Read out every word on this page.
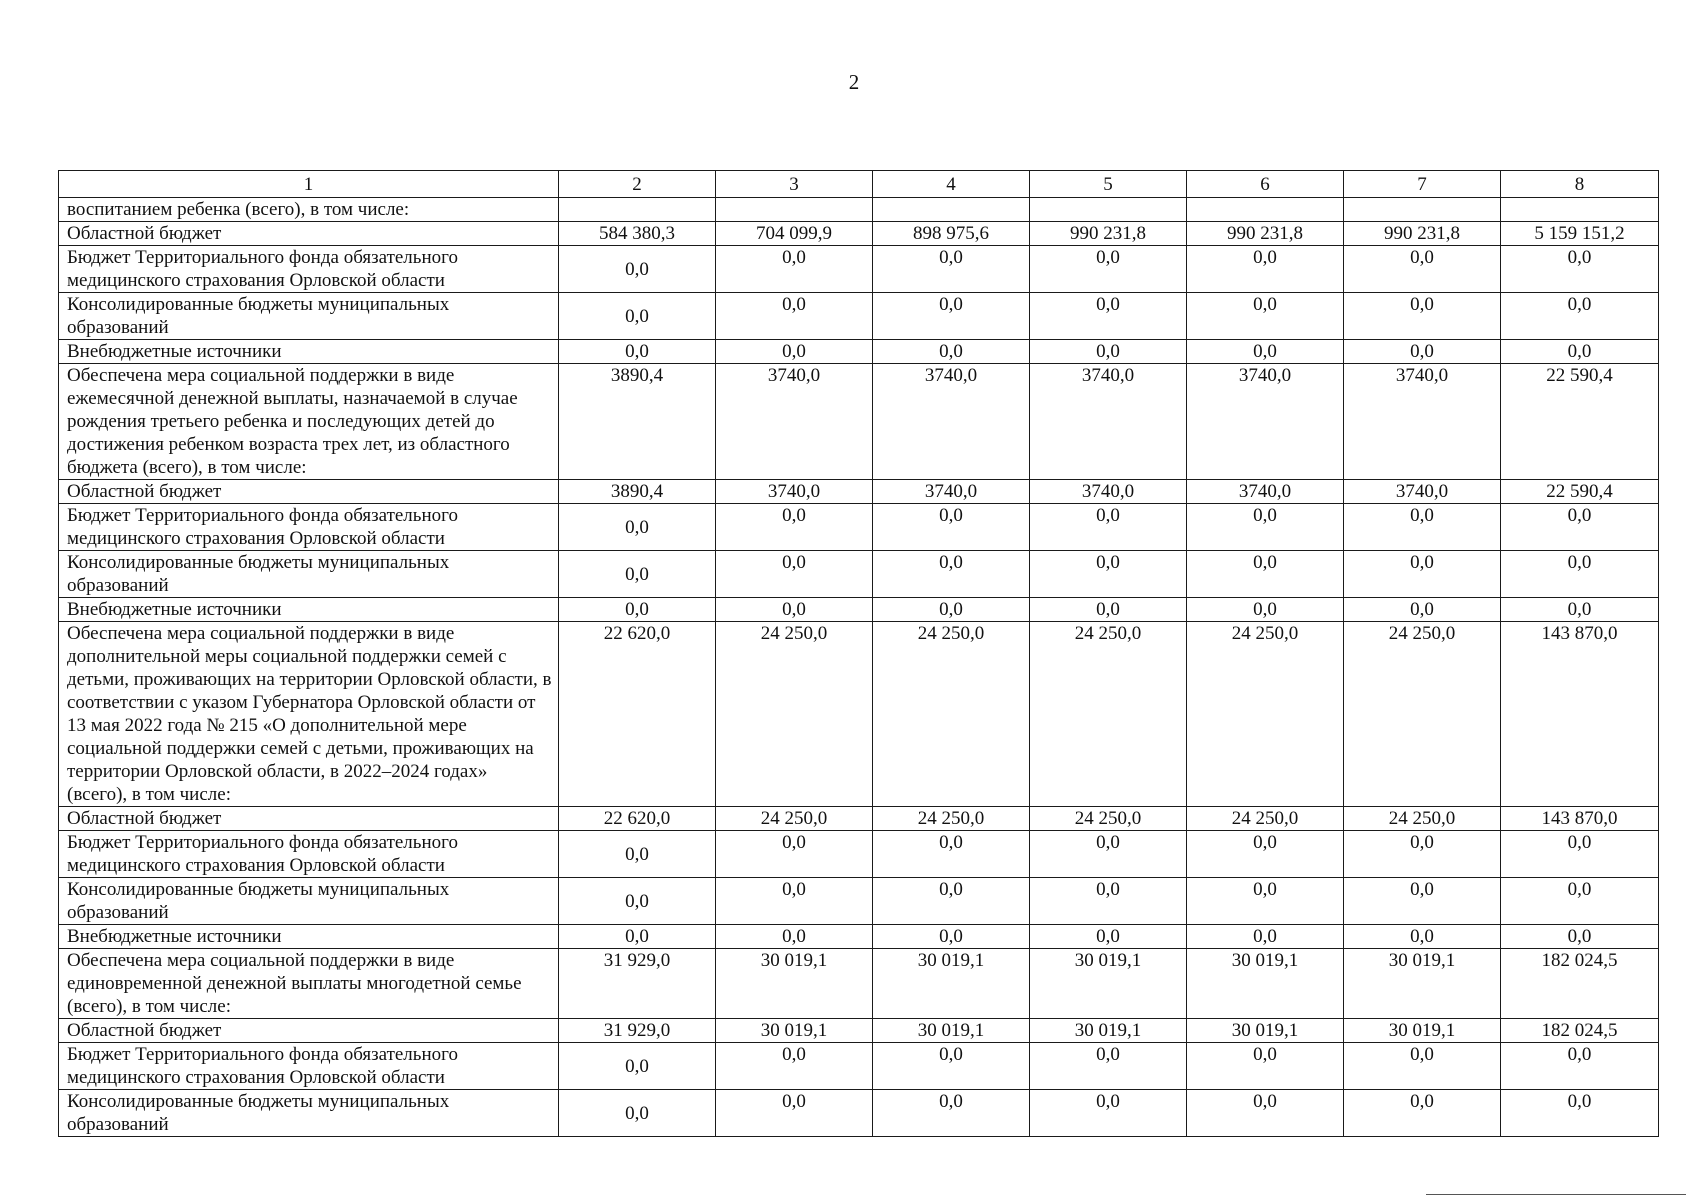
2
1	2	3	4	5	6	7	8
воспитанием ребенка (всего), в том числе:							
Областной бюджет	584 380,3	704 099,9	898 975,6	990 231,8	990 231,8	990 231,8	5 159 151,2
Бюджет Территориального фонда обязательного медицинского страхования Орловской области	0,0	0,0	0,0	0,0	0,0	0,0	0,0
Консолидированные бюджеты муниципальных образований	0,0	0,0	0,0	0,0	0,0	0,0	0,0
Внебюджетные источники	0,0	0,0	0,0	0,0	0,0	0,0	0,0
Обеспечена мера социальной поддержки в виде ежемесячной денежной выплаты, назначаемой в случае рождения третьего ребенка и последующих детей до достижения ребенком возраста трех лет, из областного бюджета (всего), в том числе:	3890,4	3740,0	3740,0	3740,0	3740,0	3740,0	22 590,4
Областной бюджет	3890,4	3740,0	3740,0	3740,0	3740,0	3740,0	22 590,4
Бюджет Территориального фонда обязательного медицинского страхования Орловской области	0,0	0,0	0,0	0,0	0,0	0,0	0,0
Консолидированные бюджеты муниципальных образований	0,0	0,0	0,0	0,0	0,0	0,0	0,0
Внебюджетные источники	0,0	0,0	0,0	0,0	0,0	0,0	0,0
Обеспечена мера социальной поддержки в виде дополнительной меры социальной поддержки семей с детьми, проживающих на территории Орловской области, в соответствии с указом Губернатора Орловской области от 13 мая 2022 года № 215 «О дополнительной мере социальной поддержки семей с детьми, проживающих на территории Орловской области, в 2022–2024 годах» (всего), в том числе:	22 620,0	24 250,0	24 250,0	24 250,0	24 250,0	24 250,0	143 870,0
Областной бюджет	22 620,0	24 250,0	24 250,0	24 250,0	24 250,0	24 250,0	143 870,0
Бюджет Территориального фонда обязательного медицинского страхования Орловской области	0,0	0,0	0,0	0,0	0,0	0,0	0,0
Консолидированные бюджеты муниципальных образований	0,0	0,0	0,0	0,0	0,0	0,0	0,0
Внебюджетные источники	0,0	0,0	0,0	0,0	0,0	0,0	0,0
Обеспечена мера социальной поддержки в виде единовременной денежной выплаты многодетной семье (всего), в том числе:	31 929,0	30 019,1	30 019,1	30 019,1	30 019,1	30 019,1	182 024,5
Областной бюджет	31 929,0	30 019,1	30 019,1	30 019,1	30 019,1	30 019,1	182 024,5
Бюджет Территориального фонда обязательного медицинского страхования Орловской области	0,0	0,0	0,0	0,0	0,0	0,0	0,0
Консолидированные бюджеты муниципальных образований	0,0	0,0	0,0	0,0	0,0	0,0	0,0
